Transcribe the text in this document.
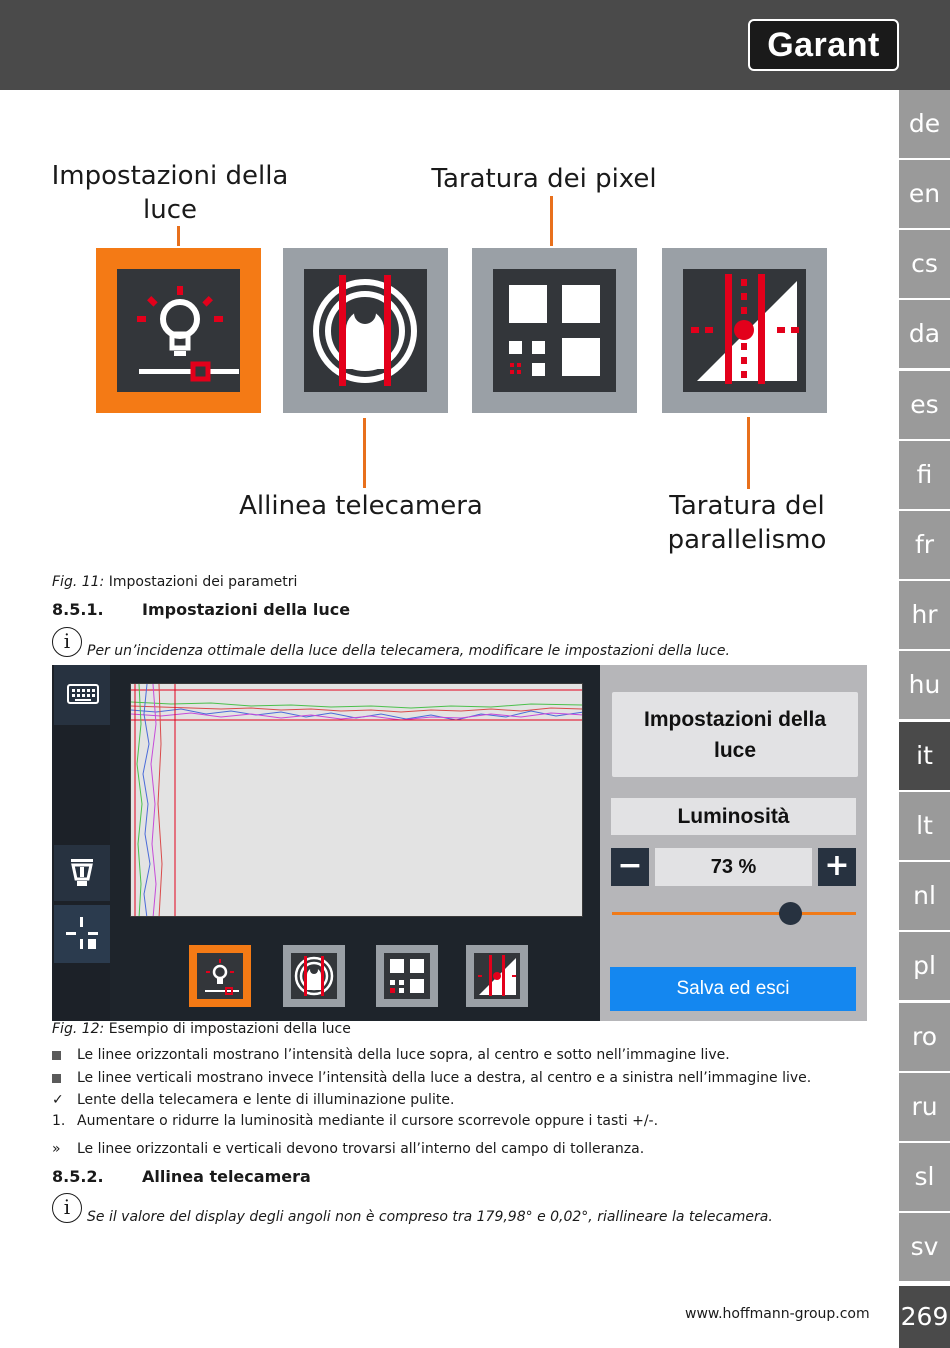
Garant
de
en
cs
da
es
fi
fr
hr
hu
it
lt
nl
pl
ro
ru
sl
sv
269
Impostazioni della
luce
Taratura dei pixel
Allinea telecamera	Taratura del
parallelismo
Fig. 11: Impostazioni dei parametri
8.5.1. Impostazioni della luce
i	Per un’incidenza ottimale della luce della telecamera, modificare le impostazioni della luce.
Impostazioni della
luce
Luminosità
−	73 %	+
Salva ed esci
Fig. 12: Esempio di impostazioni della luce
Le linee orizzontali mostrano l’intensità della luce sopra, al centro e sotto nell’immagine live.
Le linee verticali mostrano invece l’intensità della luce a destra, al centro e a sinistra nell’immagine live.
✓ Lente della telecamera e lente di illuminazione pulite.
1. Aumentare o ridurre la luminosità mediante il cursore scorrevole oppure i tasti +/-.
»	Le linee orizzontali e verticali devono trovarsi all’interno del campo di tolleranza.
8.5.2. Allinea telecamera
i	Se il valore del display degli angoli non è compreso tra 179,98° e 0,02°, riallineare la telecamera.
www.hoffmann-group.com
